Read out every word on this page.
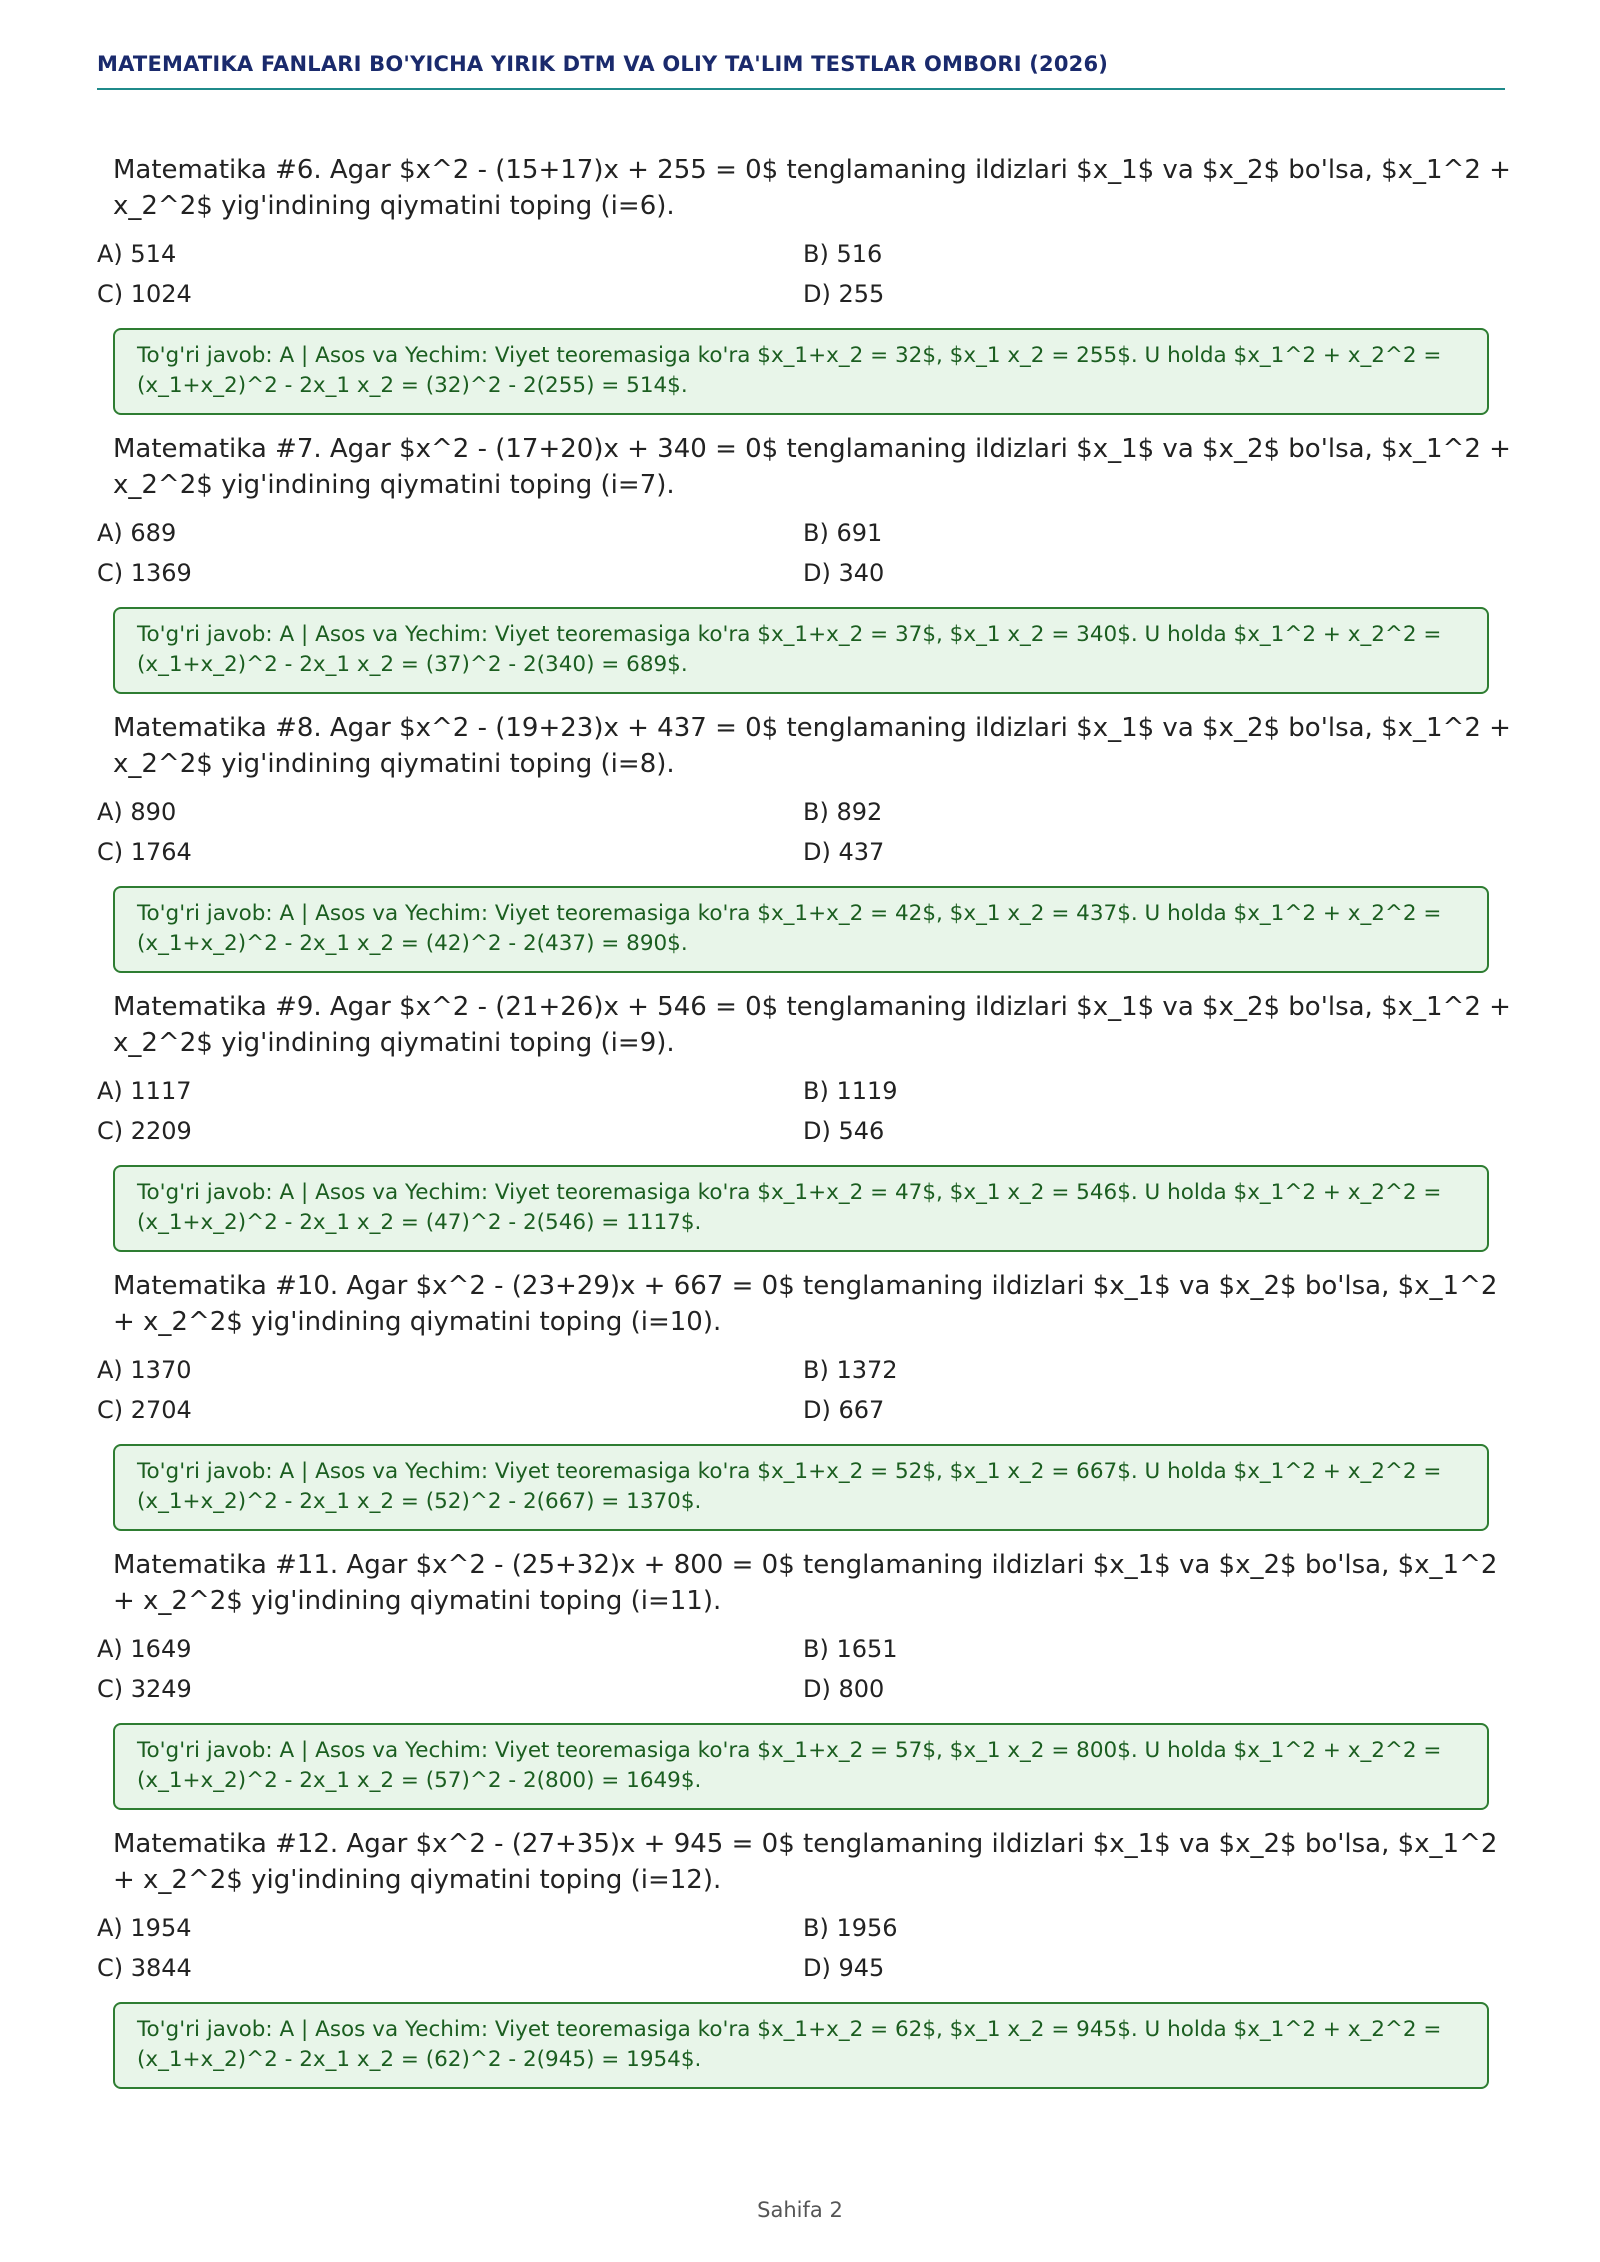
MATEMATIKA FANLARI BO'YICHA YIRIK DTM VA OLIY TA'LIM TESTLAR OMBORI (2026)
Matematika #6. Agar $x^2 - (15+17)x + 255 = 0$ tenglamaning ildizlari $x_1$ va $x_2$ bo'lsa, $x_1^2 + x_2^2$ yig'indining qiymatini toping (i=6).
A) 514	B) 516
C) 1024	D) 255
To'g'ri javob: A | Asos va Yechim: Viyet teoremasiga ko'ra $x_1+x_2 = 32$, $x_1 x_2 = 255$. U holda $x_1^2 + x_2^2 = (x_1+x_2)^2 - 2x_1 x_2 = (32)^2 - 2(255) = 514$.
Matematika #7. Agar $x^2 - (17+20)x + 340 = 0$ tenglamaning ildizlari $x_1$ va $x_2$ bo'lsa, $x_1^2 + x_2^2$ yig'indining qiymatini toping (i=7).
A) 689	B) 691
C) 1369	D) 340
To'g'ri javob: A | Asos va Yechim: Viyet teoremasiga ko'ra $x_1+x_2 = 37$, $x_1 x_2 = 340$. U holda $x_1^2 + x_2^2 = (x_1+x_2)^2 - 2x_1 x_2 = (37)^2 - 2(340) = 689$.
Matematika #8. Agar $x^2 - (19+23)x + 437 = 0$ tenglamaning ildizlari $x_1$ va $x_2$ bo'lsa, $x_1^2 + x_2^2$ yig'indining qiymatini toping (i=8).
A) 890	B) 892
C) 1764	D) 437
To'g'ri javob: A | Asos va Yechim: Viyet teoremasiga ko'ra $x_1+x_2 = 42$, $x_1 x_2 = 437$. U holda $x_1^2 + x_2^2 = (x_1+x_2)^2 - 2x_1 x_2 = (42)^2 - 2(437) = 890$.
Matematika #9. Agar $x^2 - (21+26)x + 546 = 0$ tenglamaning ildizlari $x_1$ va $x_2$ bo'lsa, $x_1^2 + x_2^2$ yig'indining qiymatini toping (i=9).
A) 1117	B) 1119
C) 2209	D) 546
To'g'ri javob: A | Asos va Yechim: Viyet teoremasiga ko'ra $x_1+x_2 = 47$, $x_1 x_2 = 546$. U holda $x_1^2 + x_2^2 = (x_1+x_2)^2 - 2x_1 x_2 = (47)^2 - 2(546) = 1117$.
Matematika #10. Agar $x^2 - (23+29)x + 667 = 0$ tenglamaning ildizlari $x_1$ va $x_2$ bo'lsa, $x_1^2 + x_2^2$ yig'indining qiymatini toping (i=10).
A) 1370	B) 1372
C) 2704	D) 667
To'g'ri javob: A | Asos va Yechim: Viyet teoremasiga ko'ra $x_1+x_2 = 52$, $x_1 x_2 = 667$. U holda $x_1^2 + x_2^2 = (x_1+x_2)^2 - 2x_1 x_2 = (52)^2 - 2(667) = 1370$.
Matematika #11. Agar $x^2 - (25+32)x + 800 = 0$ tenglamaning ildizlari $x_1$ va $x_2$ bo'lsa, $x_1^2 + x_2^2$ yig'indining qiymatini toping (i=11).
A) 1649	B) 1651
C) 3249	D) 800
To'g'ri javob: A | Asos va Yechim: Viyet teoremasiga ko'ra $x_1+x_2 = 57$, $x_1 x_2 = 800$. U holda $x_1^2 + x_2^2 = (x_1+x_2)^2 - 2x_1 x_2 = (57)^2 - 2(800) = 1649$.
Matematika #12. Agar $x^2 - (27+35)x + 945 = 0$ tenglamaning ildizlari $x_1$ va $x_2$ bo'lsa, $x_1^2 + x_2^2$ yig'indining qiymatini toping (i=12).
A) 1954	B) 1956
C) 3844	D) 945
To'g'ri javob: A | Asos va Yechim: Viyet teoremasiga ko'ra $x_1+x_2 = 62$, $x_1 x_2 = 945$. U holda $x_1^2 + x_2^2 = (x_1+x_2)^2 - 2x_1 x_2 = (62)^2 - 2(945) = 1954$.
Sahifa 2
